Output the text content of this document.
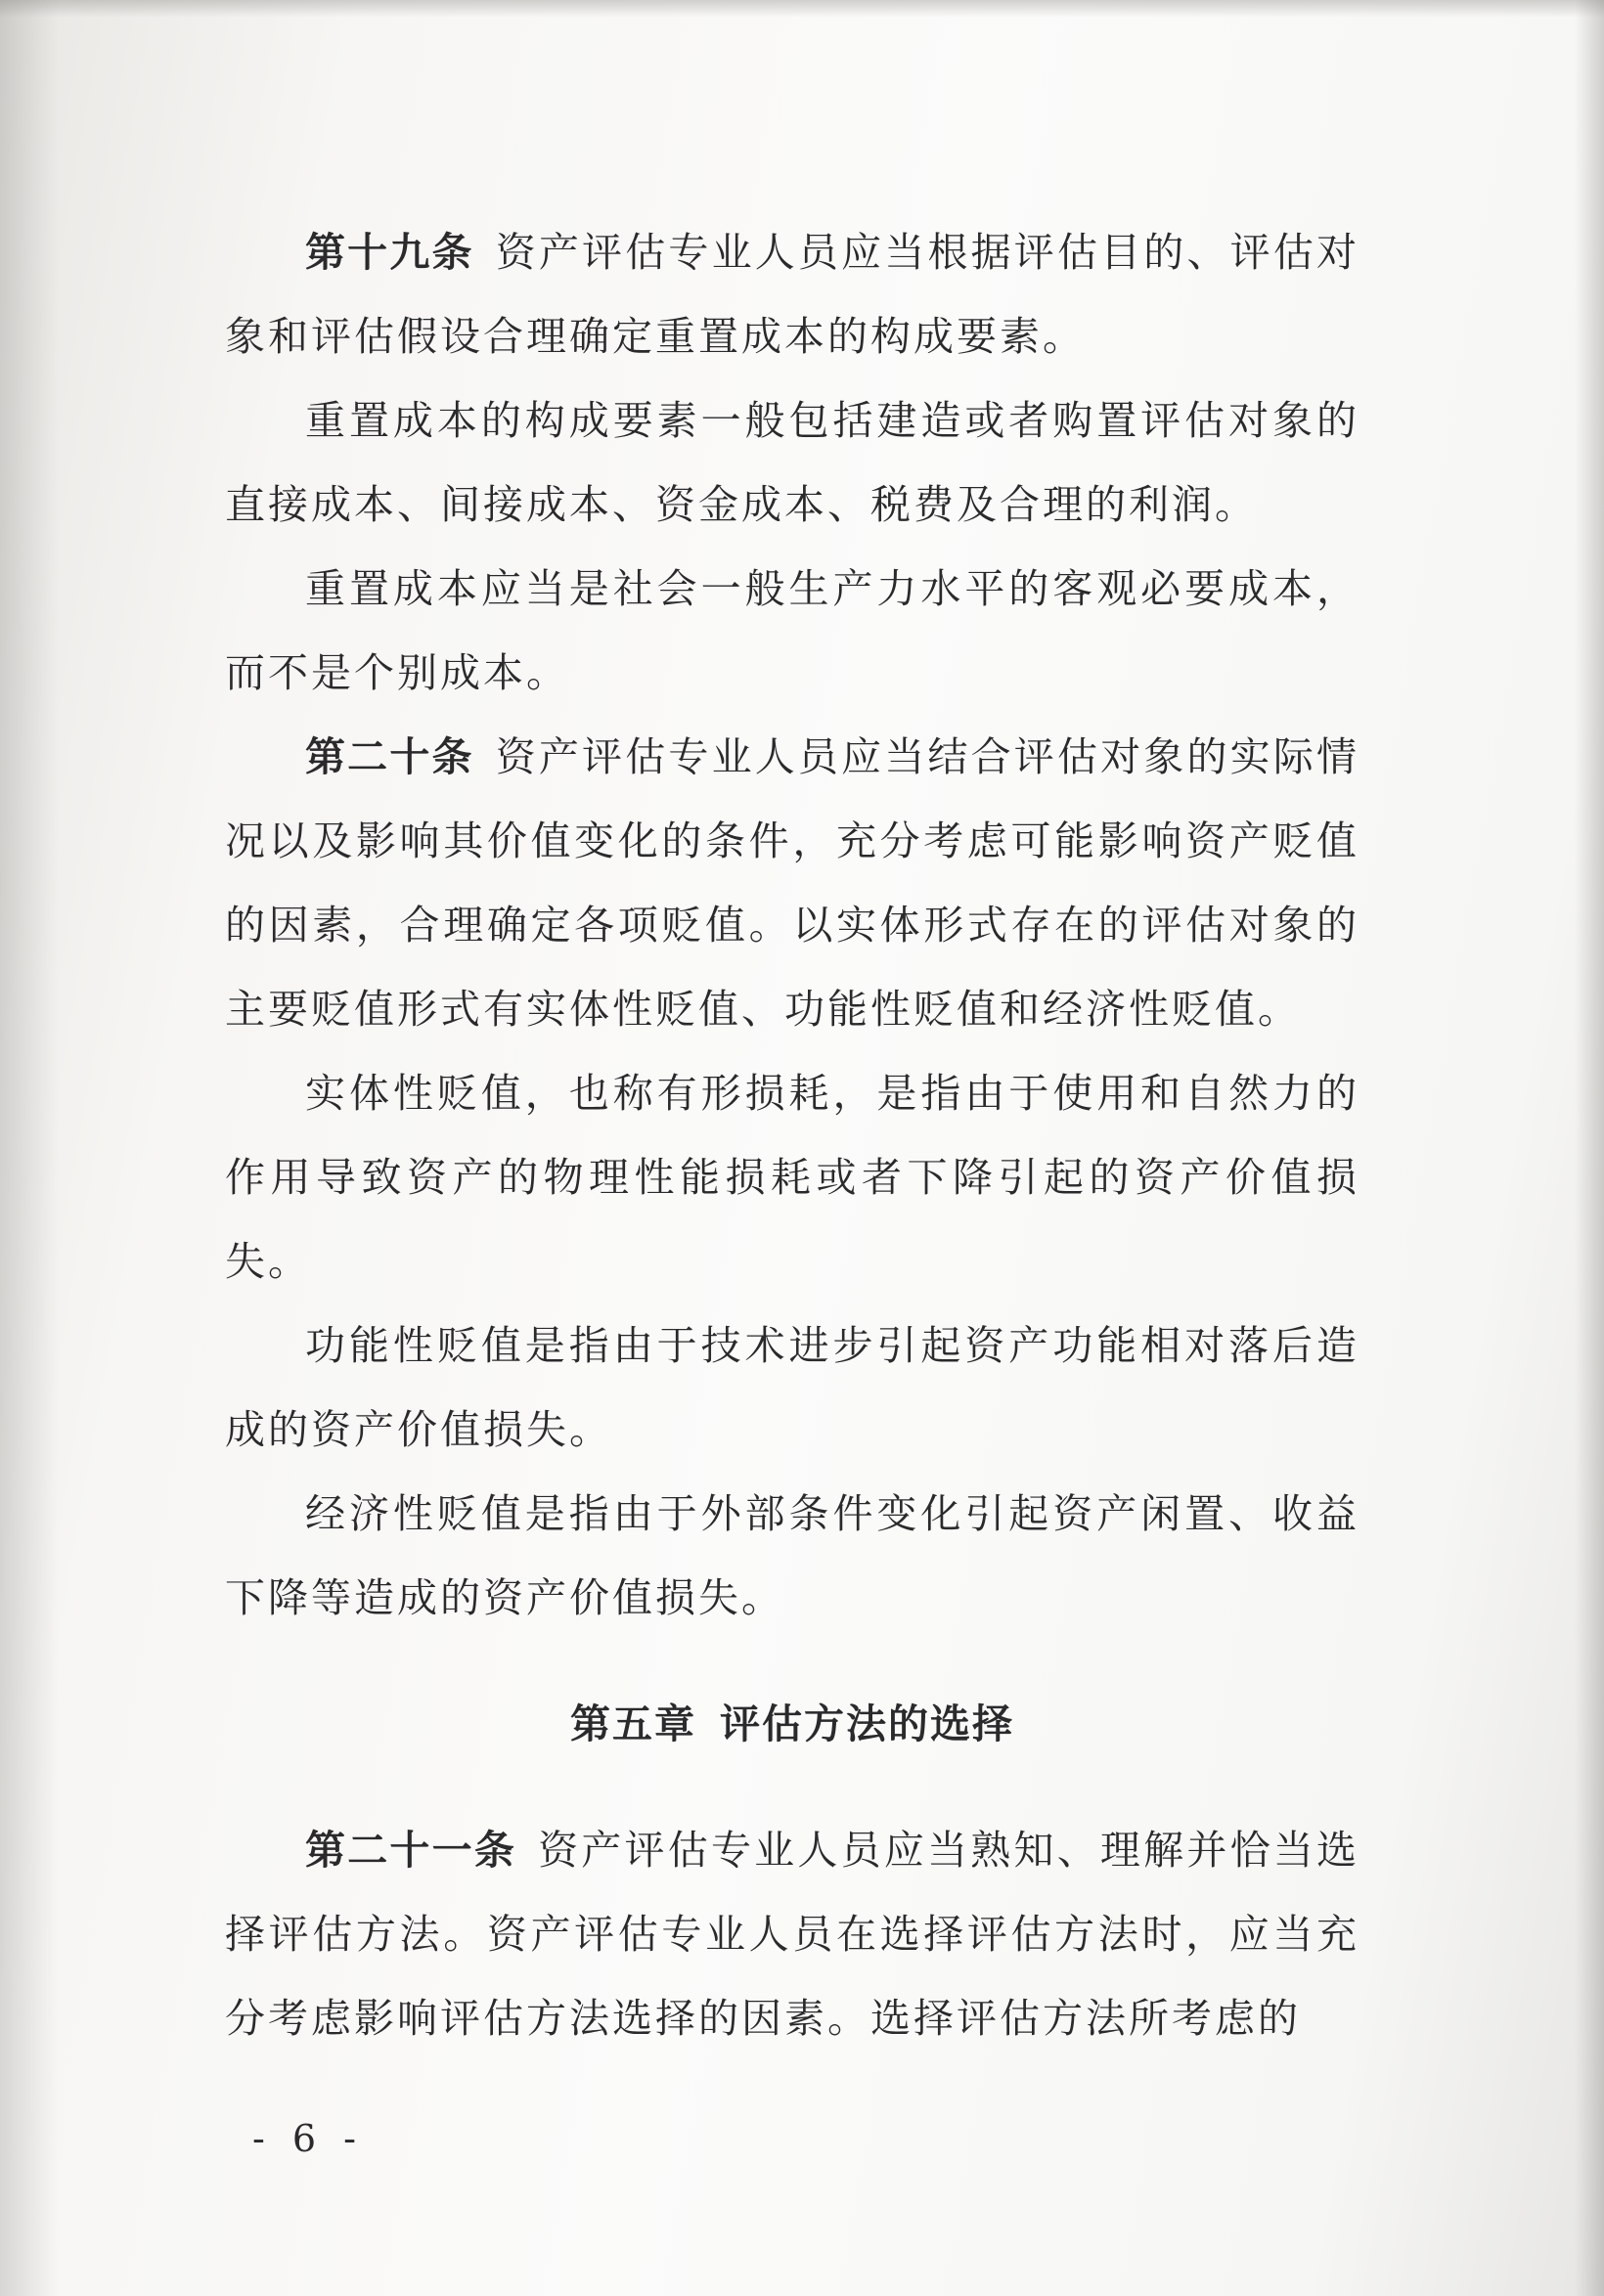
第十九条 资产评估专业人员应当根据评估目的、评估对象和评估假设合理确定重置成本的构成要素。

重置成本的构成要素一般包括建造或者购置评估对象的直接成本、间接成本、资金成本、税费及合理的利润。

重置成本应当是社会一般生产力水平的客观必要成本，而不是个别成本。

第二十条 资产评估专业人员应当结合评估对象的实际情况以及影响其价值变化的条件，充分考虑可能影响资产贬值的因素，合理确定各项贬值。以实体形式存在的评估对象的主要贬值形式有实体性贬值、功能性贬值和经济性贬值。

实体性贬值，也称有形损耗，是指由于使用和自然力的作用导致资产的物理性能损耗或者下降引起的资产价值损失。

功能性贬值是指由于技术进步引起资产功能相对落后造成的资产价值损失。

经济性贬值是指由于外部条件变化引起资产闲置、收益下降等造成的资产价值损失。

第五章 评估方法的选择

第二十一条 资产评估专业人员应当熟知、理解并恰当选择评估方法。资产评估专业人员在选择评估方法时，应当充分考虑影响评估方法选择的因素。选择评估方法所考虑的

- 6 -
